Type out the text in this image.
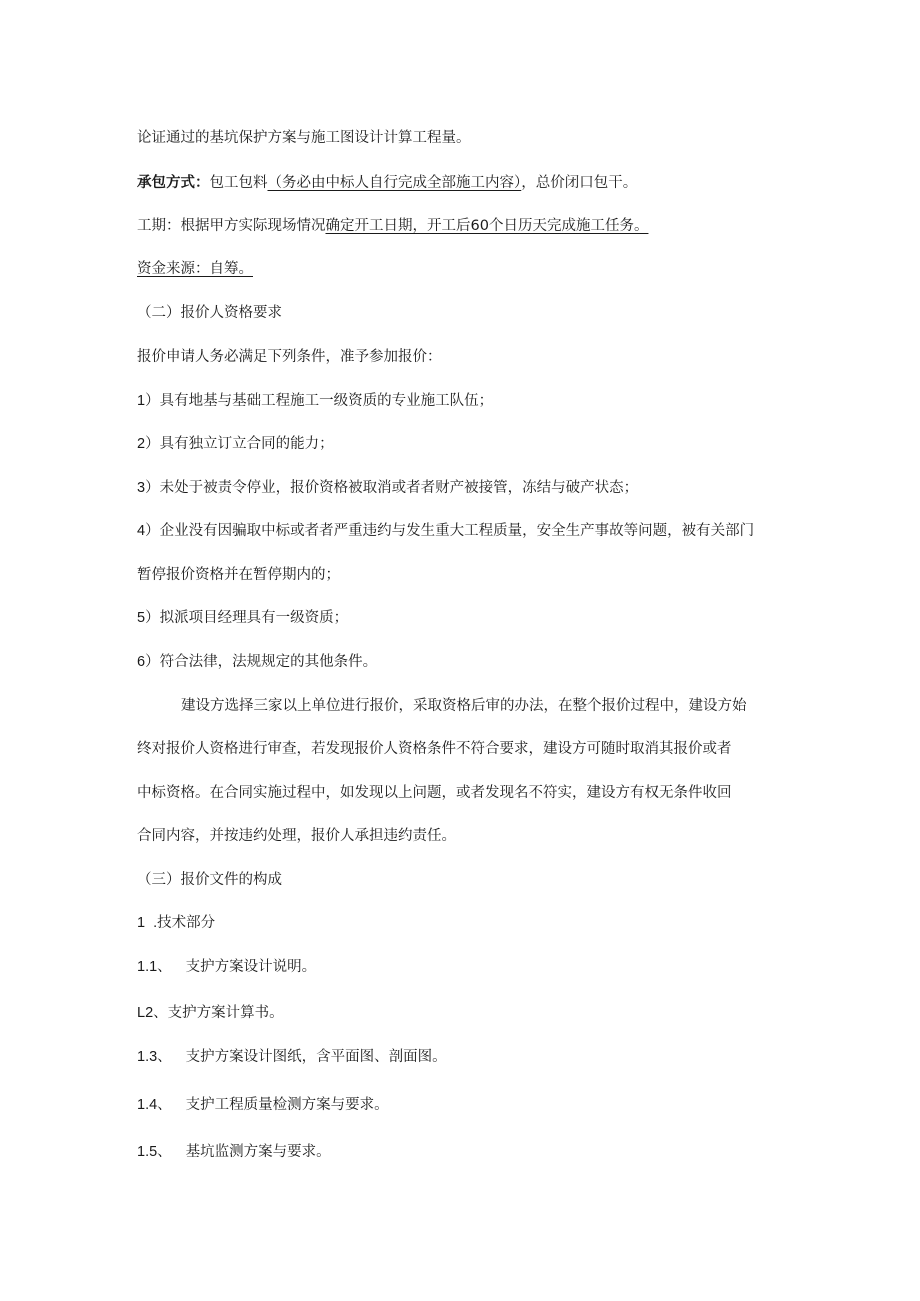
论证通过的基坑保护方案与施工图设计计算工程量。
承包方式：包工包料（务必由中标人自行完成全部施工内容），总价闭口包干。
工期：根据甲方实际现场情况确定开工日期，开工后60个日历天完成施工任务。
资金来源：自筹。
（二）报价人资格要求
报价申请人务必满足下列条件，准予参加报价：
1）具有地基与基础工程施工一级资质的专业施工队伍；
2）具有独立订立合同的能力；
3）未处于被责令停业，报价资格被取消或者者财产被接管，冻结与破产状态；
4）企业没有因骗取中标或者者严重违约与发生重大工程质量，安全生产事故等问题，被有关部门
暂停报价资格并在暂停期内的；
5）拟派项目经理具有一级资质；
6）符合法律，法规规定的其他条件。
建设方选择三家以上单位进行报价，采取资格后审的办法，在整个报价过程中，建设方始
终对报价人资格进行审查，若发现报价人资格条件不符合要求，建设方可随时取消其报价或者
中标资格。在合同实施过程中，如发现以上问题，或者发现名不符实，建设方有权无条件收回
合同内容，并按违约处理，报价人承担违约责任。
（三）报价文件的构成
1  .技术部分
1.1、 支护方案设计说明。
L2、支护方案计算书。
1.3、 支护方案设计图纸，含平面图、剖面图。
1.4、 支护工程质量检测方案与要求。
1.5、 基坑监测方案与要求。
